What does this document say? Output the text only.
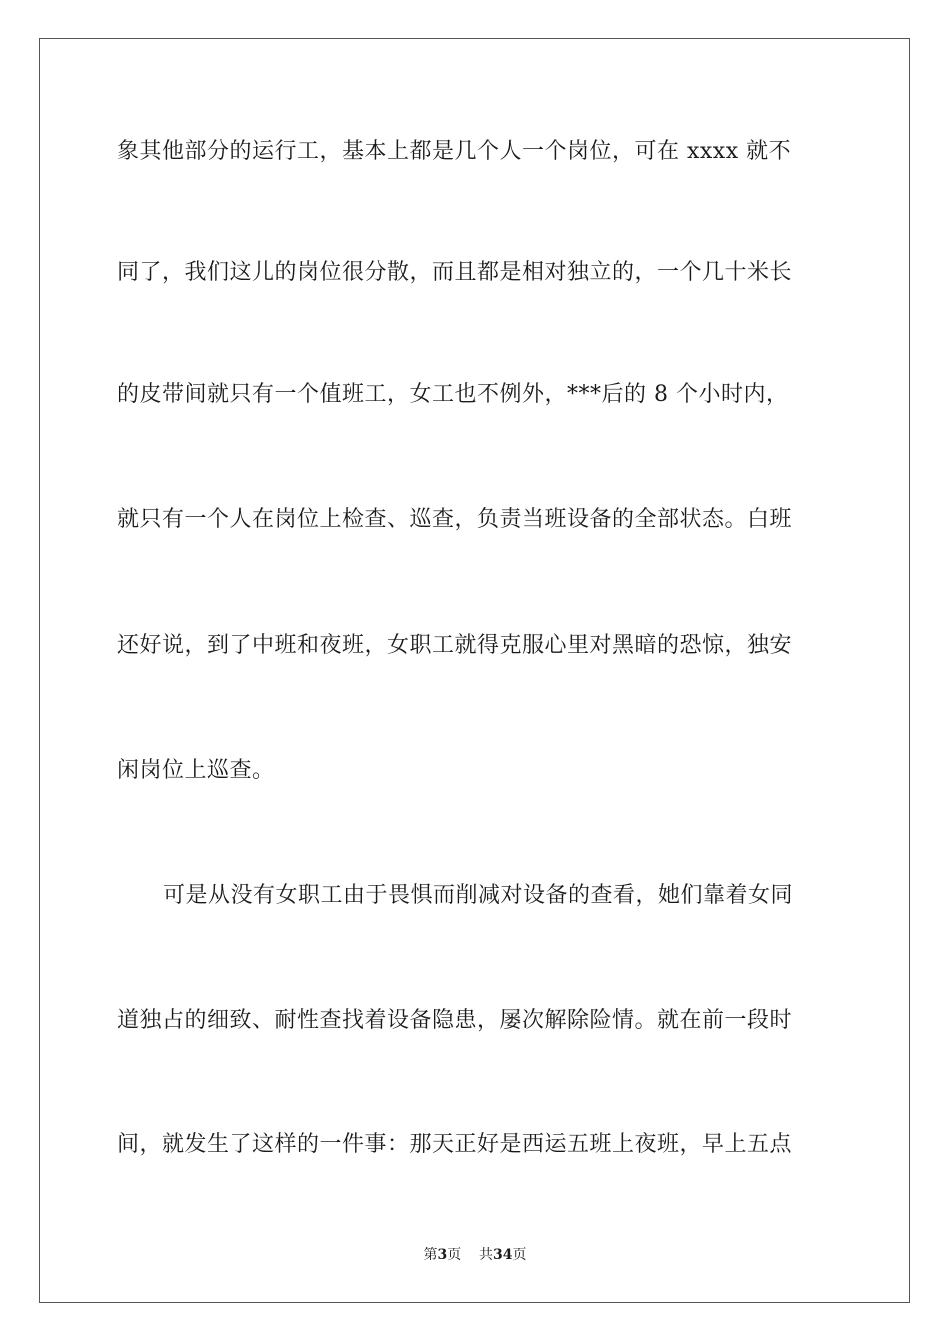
象其他部分的运行工，基本上都是几个人一个岗位，可在 xxxx 就不
同了，我们这儿的岗位很分散，而且都是相对独立的，一个几十米长
的皮带间就只有一个值班工，女工也不例外，***后的 8 个小时内，
就只有一个人在岗位上检查、巡查，负责当班设备的全部状态。白班
还好说，到了中班和夜班，女职工就得克服心里对黑暗的恐惊，独安
闲岗位上巡查。
可是从没有女职工由于畏惧而削减对设备的查看，她们靠着女同
道独占的细致、耐性查找着设备隐患，屡次解除险情。就在前一段时
间，就发生了这样的一件事：那天正好是西运五班上夜班，早上五点
第3页 共34页
